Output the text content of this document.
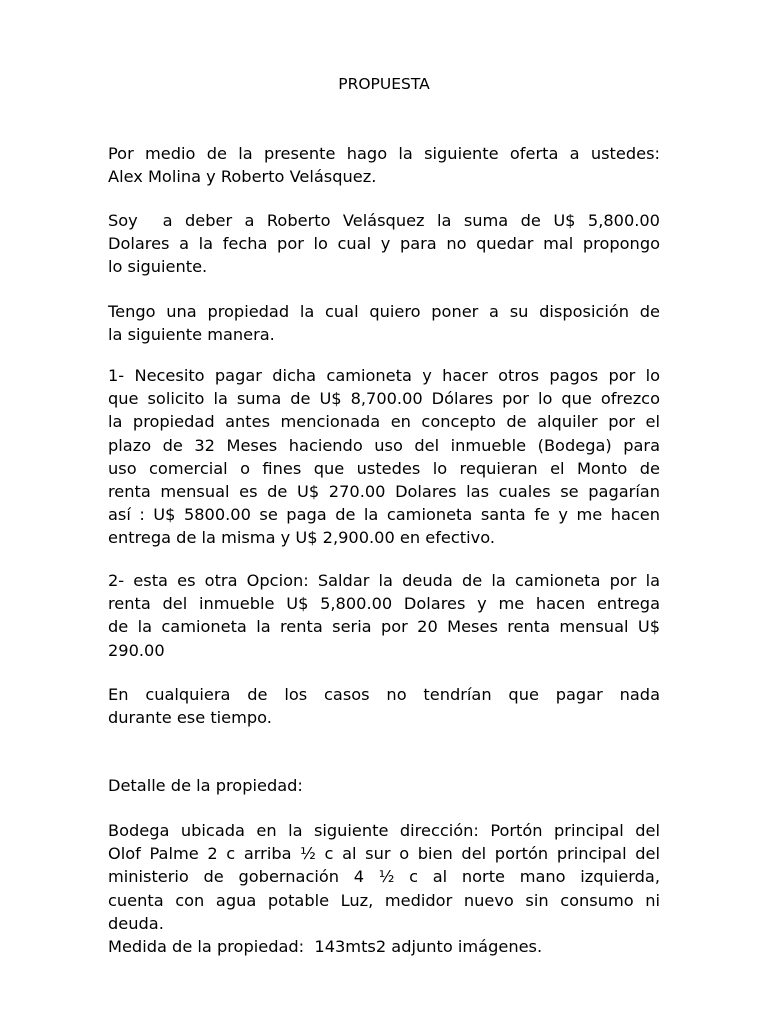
PROPUESTA
Por medio de la presente hago la siguiente oferta a ustedes:
Alex Molina y Roberto Velásquez.
Soy  a deber a Roberto Velásquez la suma de U$ 5,800.00
Dolares a la fecha por lo cual y para no quedar mal propongo
lo siguiente.
Tengo una propiedad la cual quiero poner a su disposición de
la siguiente manera.
1- Necesito pagar dicha camioneta y hacer otros pagos por lo
que solicito la suma de U$ 8,700.00 Dólares por lo que ofrezco
la propiedad antes mencionada en concepto de alquiler por el
plazo de 32 Meses haciendo uso del inmueble (Bodega) para
uso comercial o fines que ustedes lo requieran el Monto de
renta mensual es de U$ 270.00 Dolares las cuales se pagarían
así : U$ 5800.00 se paga de la camioneta santa fe y me hacen
entrega de la misma y U$ 2,900.00 en efectivo.
2- esta es otra Opcion: Saldar la deuda de la camioneta por la
renta del inmueble U$ 5,800.00 Dolares y me hacen entrega
de la camioneta la renta seria por 20 Meses renta mensual U$
290.00
En cualquiera de los casos no tendrían que pagar nada
durante ese tiempo.
Detalle de la propiedad:
Bodega ubicada en la siguiente dirección: Portón principal del
Olof Palme 2 c arriba ½ c al sur o bien del portón principal del
ministerio de gobernación 4 ½ c al norte mano izquierda,
cuenta con agua potable Luz, medidor nuevo sin consumo ni
deuda.
Medida de la propiedad:  143mts2 adjunto imágenes.
